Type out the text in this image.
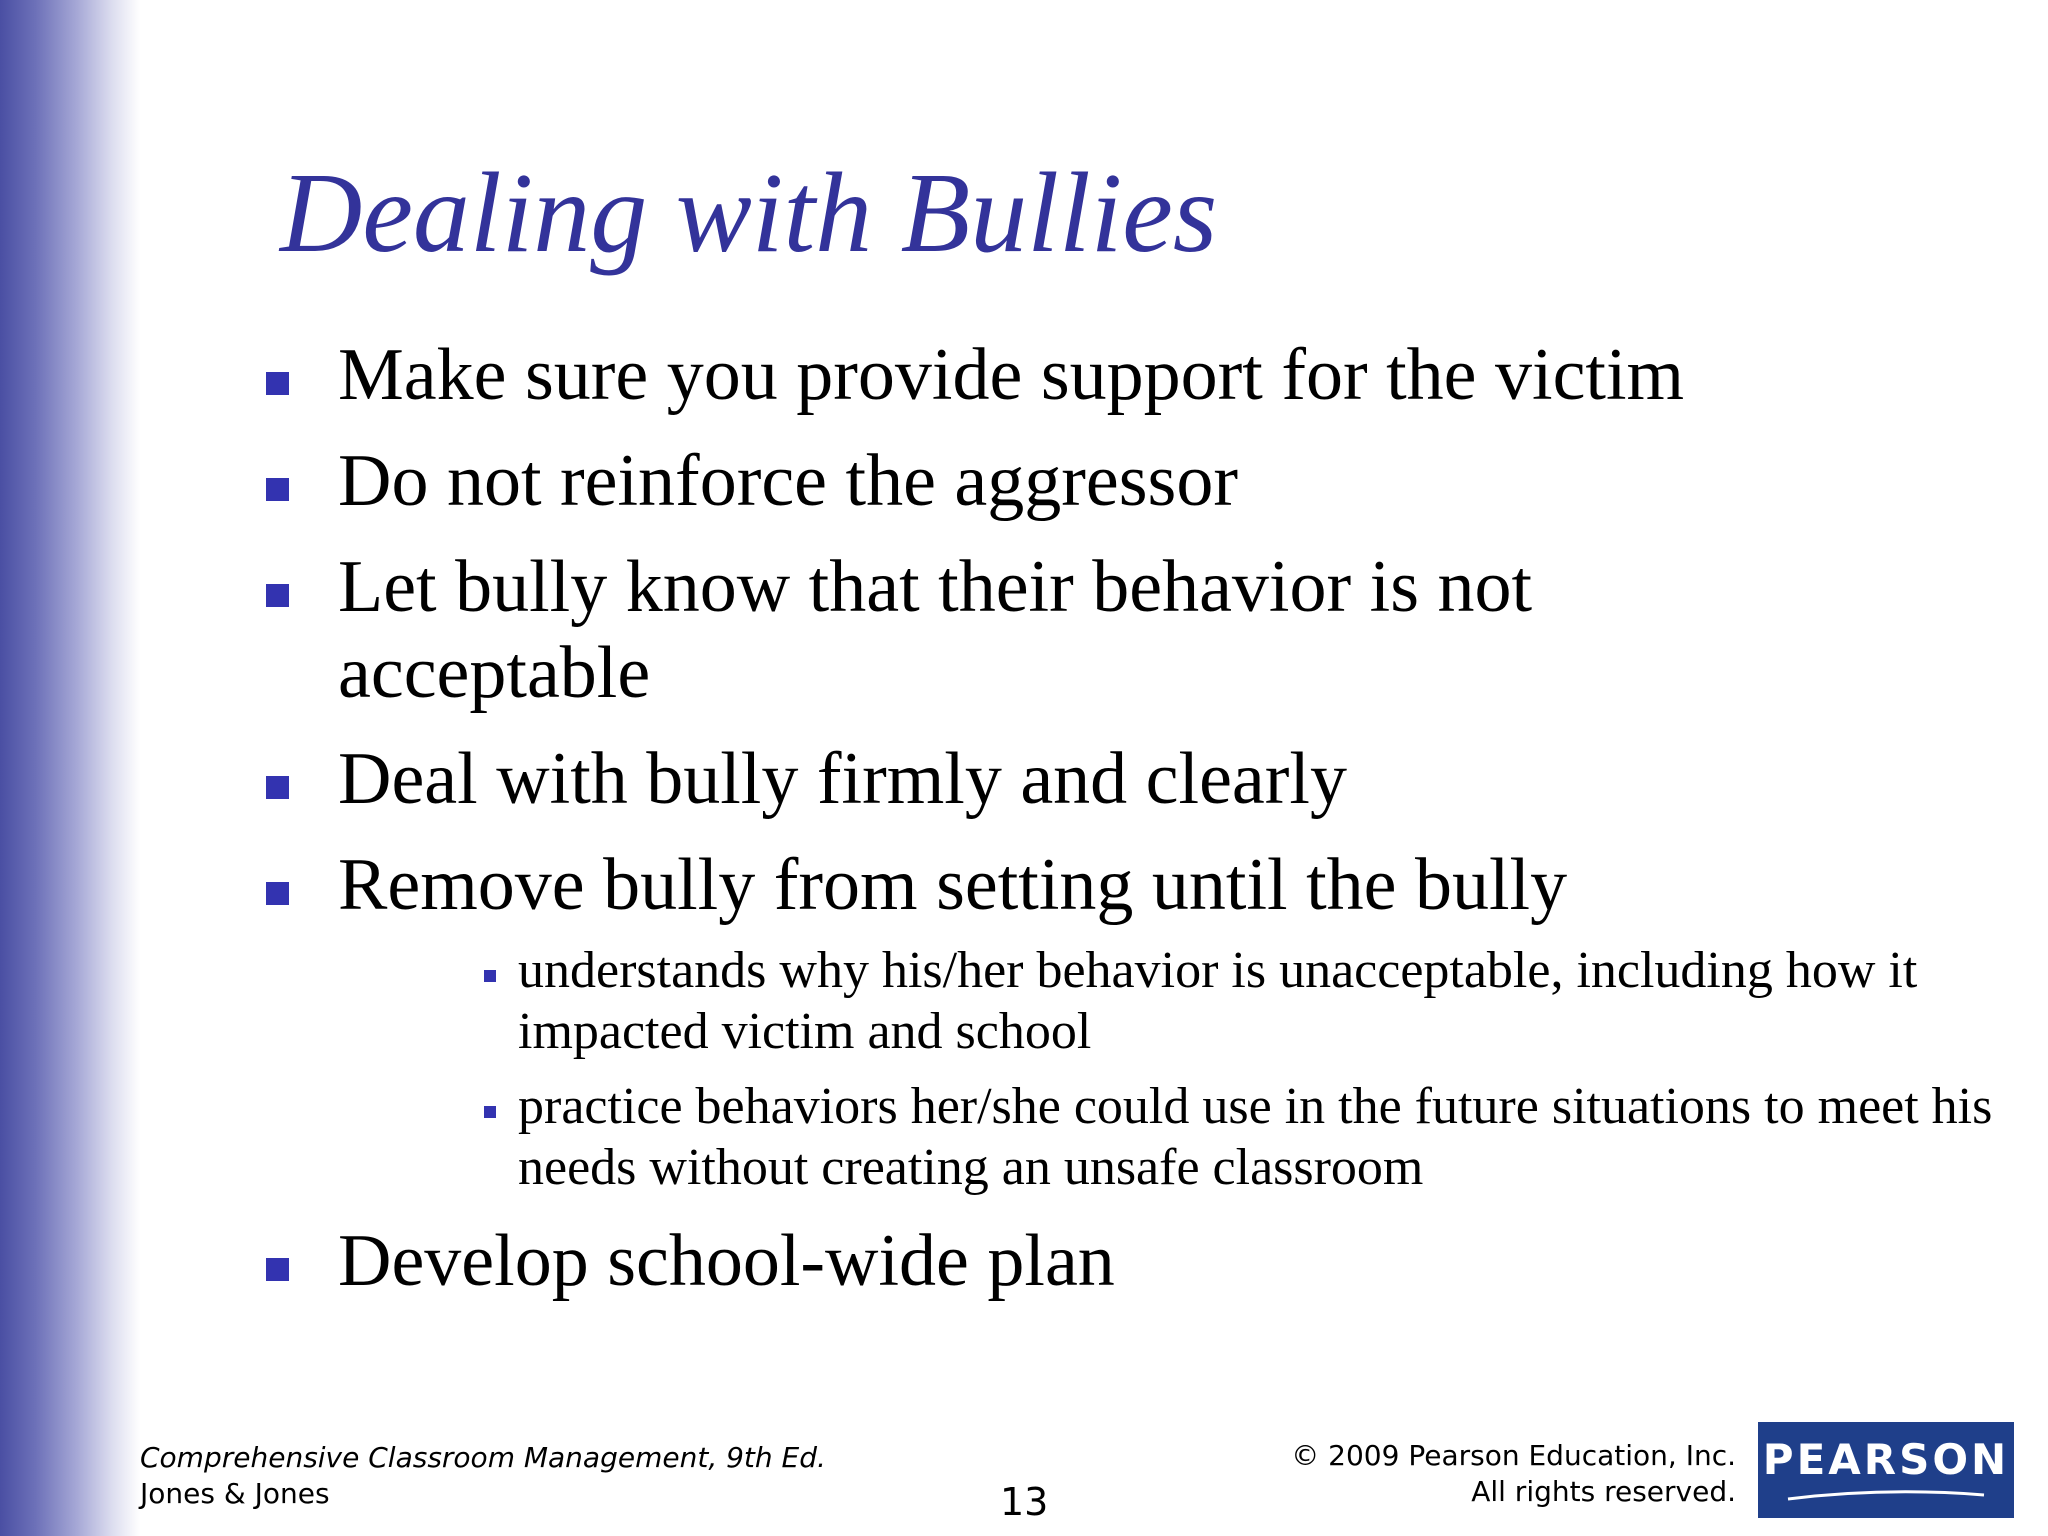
Dealing with Bullies
Make sure you provide support for the victim
Do not reinforce the aggressor
Let bully know that their behavior is not acceptable
Deal with bully firmly and clearly
Remove bully from setting until the bully
understands why his/her behavior is unacceptable, including how it impacted victim and school
practice behaviors her/she could use in the future situations to meet his needs without creating an unsafe classroom
Develop school-wide plan
Comprehensive Classroom Management, 9th Ed.
Jones & Jones	13
© 2009 Pearson Education, Inc.
All rights reserved.
PEARSON
